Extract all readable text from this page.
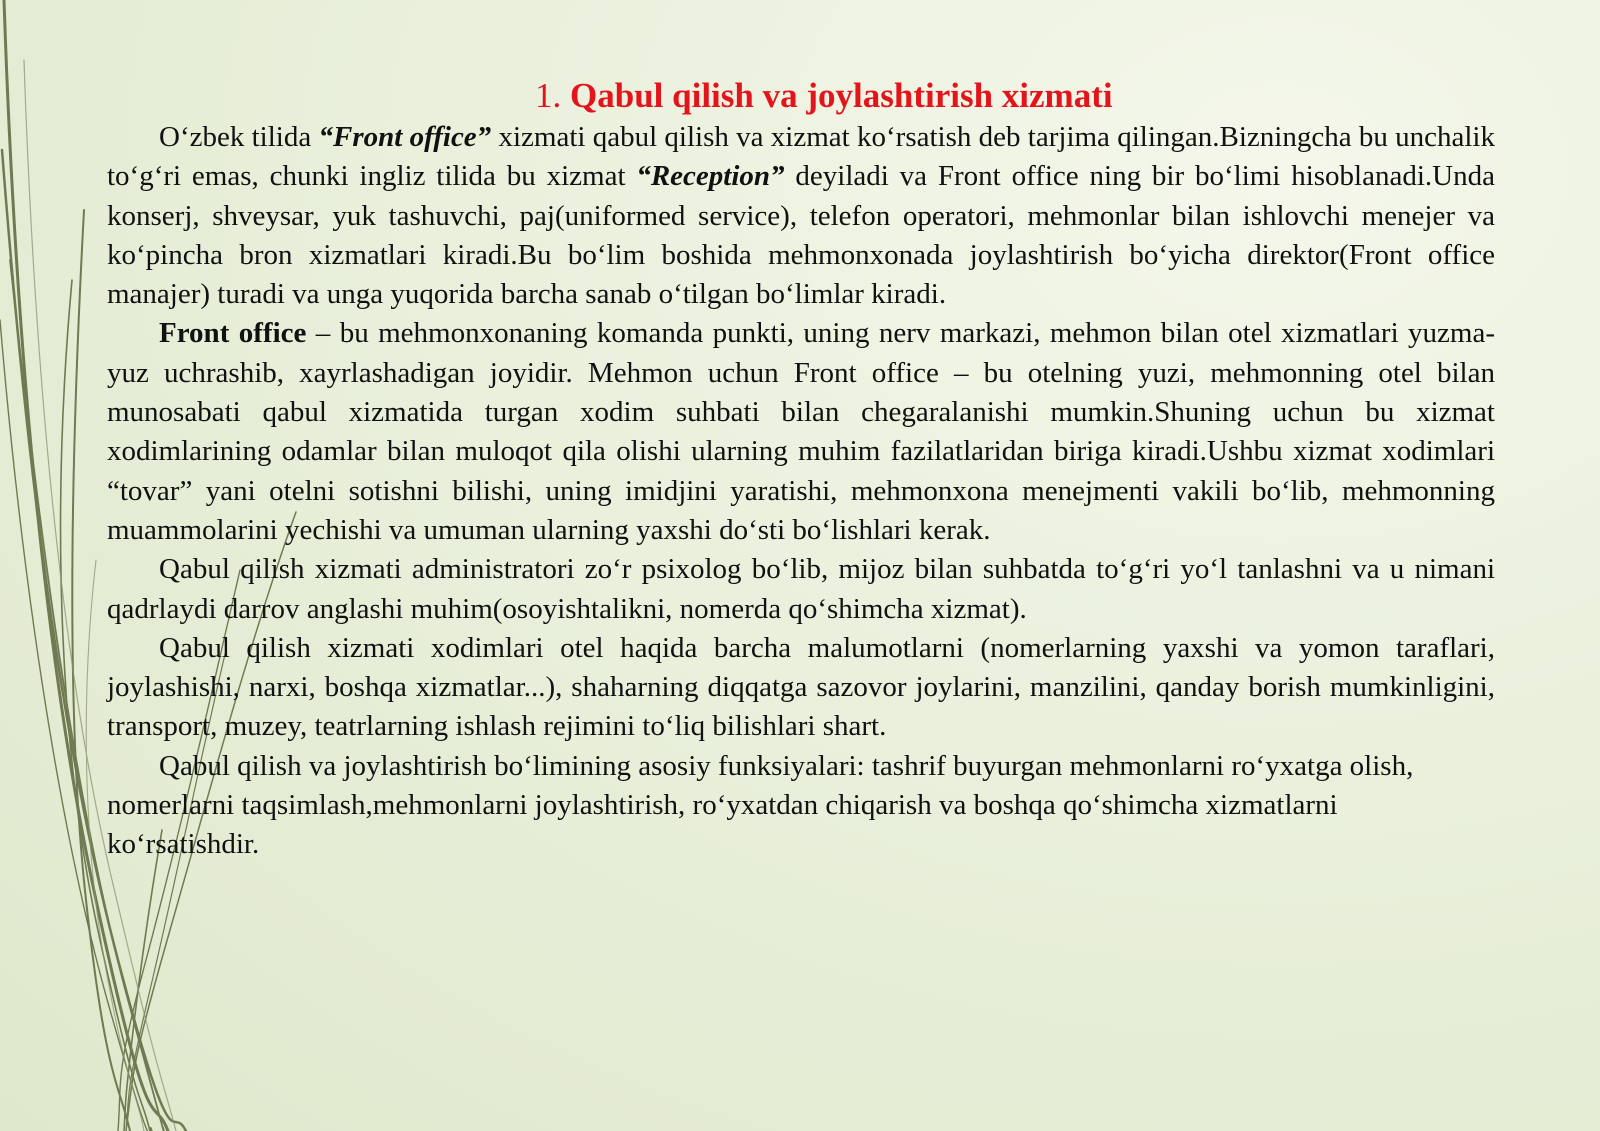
1. Qabul qilish va joylashtirish xizmati

O‘zbek tilida “Front office” xizmati qabul qilish va xizmat ko‘rsatish deb tarjima qilingan.Bizningcha bu unchalik to‘g‘ri emas, chunki ingliz tilida bu xizmat “Reception” deyiladi va Front office ning bir bo‘limi hisoblanadi.Unda konserj, shveysar, yuk tashuvchi, paj(uniformed service), telefon operatori, mehmonlar bilan ishlovchi menejer va ko‘pincha bron xizmatlari kiradi.Bu bo‘lim boshida mehmonxonada joylashtirish bo‘yicha direktor(Front office manajer) turadi va unga yuqorida barcha sanab o‘tilgan bo‘limlar kiradi.

Front office – bu mehmonxonaning komanda punkti, uning nerv markazi, mehmon bilan otel xizmatlari yuzma-yuz uchrashib, xayrlashadigan joyidir. Mehmon uchun Front office – bu otelning yuzi, mehmonning otel bilan munosabati qabul xizmatida turgan xodim suhbati bilan chegaralanishi mumkin.Shuning uchun bu xizmat xodimlarining odamlar bilan muloqot qila olishi ularning muhim fazilatlaridan biriga kiradi.Ushbu xizmat xodimlari “tovar” yani otelni sotishni bilishi, uning imidjini yaratishi, mehmonxona menejmenti vakili bo‘lib, mehmonning muammolarini yechishi va umuman ularning yaxshi do‘sti bo‘lishlari kerak.

Qabul qilish xizmati administratori zo‘r psixolog bo‘lib, mijoz bilan suhbatda to‘g‘ri yo‘l tanlashni va u nimani qadrlaydi darrov anglashi muhim(osoyishtalikni, nomerda qo‘shimcha xizmat).

Qabul qilish xizmati xodimlari otel haqida barcha malumotlarni (nomerlarning yaxshi va yomon taraflari, joylashishi, narxi, boshqa xizmatlar...), shaharning diqqatga sazovor joylarini, manzilini, qanday borish mumkinligini, transport, muzey, teatrlarning ishlash rejimini to‘liq bilishlari shart.

Qabul qilish va joylashtirish bo‘limining asosiy funksiyalari: tashrif buyurgan mehmonlarni ro‘yxatga olish, nomerlarni taqsimlash,mehmonlarni joylashtirish, ro‘yxatdan chiqarish va boshqa qo‘shimcha xizmatlarni ko‘rsatishdir.
